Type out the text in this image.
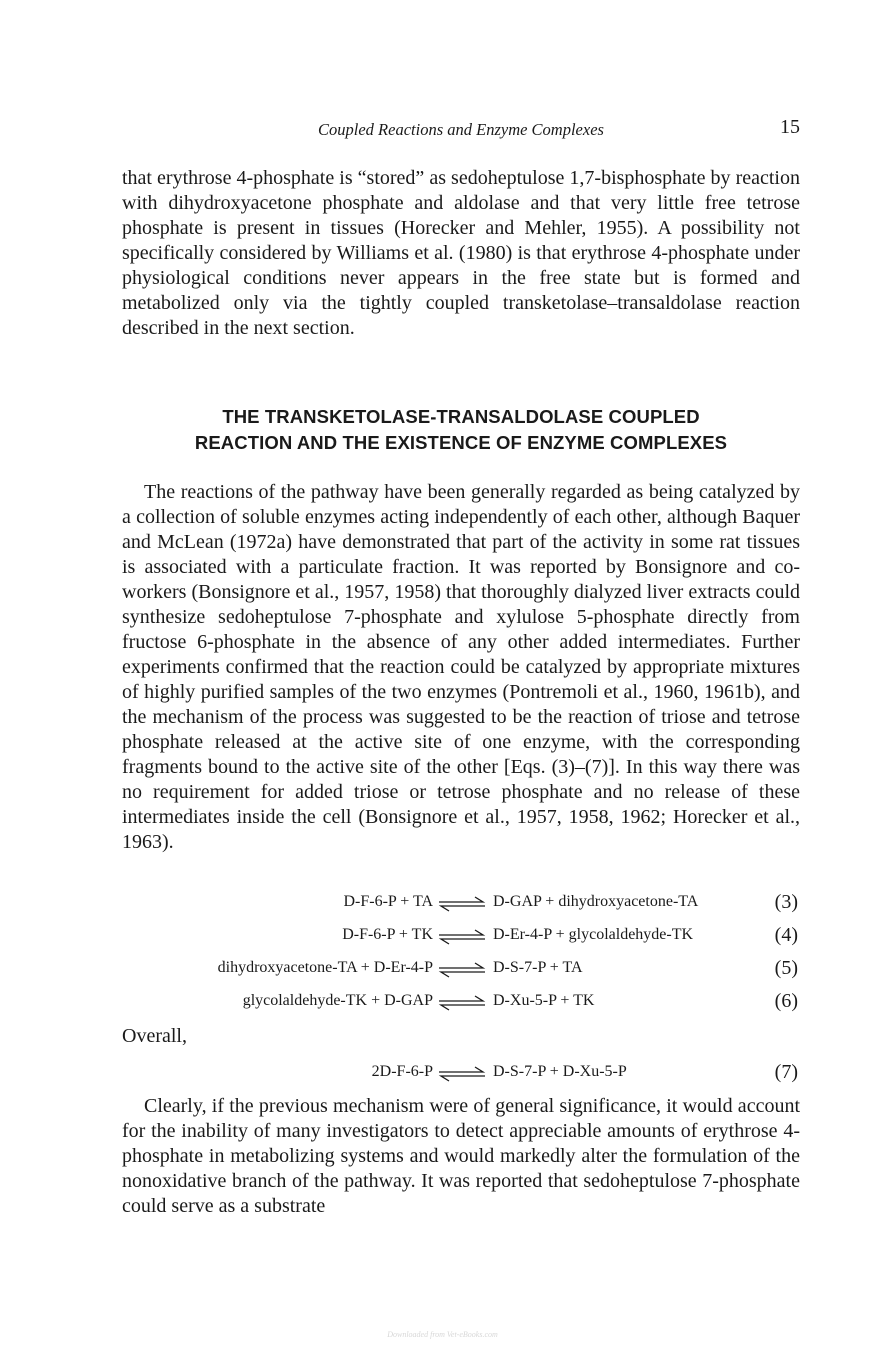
Coupled Reactions and Enzyme Complexes	15

that erythrose 4-phosphate is “stored” as sedoheptulose 1,7-bisphosphate by reaction with dihydroxyacetone phosphate and aldolase and that very little free tetrose phosphate is present in tissues (Horecker and Mehler, 1955). A possibility not specifically considered by Williams et al. (1980) is that erythrose 4-phosphate under physiological conditions never appears in the free state but is formed and metabolized only via the tightly coupled transketolase–transaldolase reaction described in the next section.

THE TRANSKETOLASE-TRANSALDOLASE COUPLED
REACTION AND THE EXISTENCE OF ENZYME COMPLEXES

The reactions of the pathway have been generally regarded as being catalyzed by a collection of soluble enzymes acting independently of each other, although Baquer and McLean (1972a) have demonstrated that part of the activity in some rat tissues is associated with a particulate fraction. It was reported by Bonsignore and co-workers (Bonsignore et al., 1957, 1958) that thoroughly dialyzed liver extracts could synthesize sedoheptulose 7-phosphate and xylulose 5-phosphate directly from fructose 6-phosphate in the absence of any other added intermediates. Further experiments confirmed that the reaction could be catalyzed by appropriate mixtures of highly purified samples of the two enzymes (Pontremoli et al., 1960, 1961b), and the mechanism of the process was suggested to be the reaction of triose and tetrose phosphate released at the active site of one enzyme, with the corresponding fragments bound to the active site of the other [Eqs. (3)–(7)]. In this way there was no requirement for added triose or tetrose phosphate and no release of these intermediates inside the cell (Bonsignore et al., 1957, 1958, 1962; Horecker et al., 1963).

D-F-6-P + TA ⇌ D-GAP + dihydroxyacetone-TA	(3)
D-F-6-P + TK ⇌ D-Er-4-P + glycolaldehyde-TK	(4)
dihydroxyacetone-TA + D-Er-4-P ⇌ D-S-7-P + TA	(5)
glycolaldehyde-TK + D-GAP ⇌ D-Xu-5-P + TK	(6)
Overall,
2D-F-6-P ⇌ D-S-7-P + D-Xu-5-P	(7)

Clearly, if the previous mechanism were of general significance, it would account for the inability of many investigators to detect appreciable amounts of erythrose 4-phosphate in metabolizing systems and would markedly alter the formulation of the nonoxidative branch of the pathway. It was reported that sedoheptulose 7-phosphate could serve as a substrate

Downloaded from Vet-eBooks.com
